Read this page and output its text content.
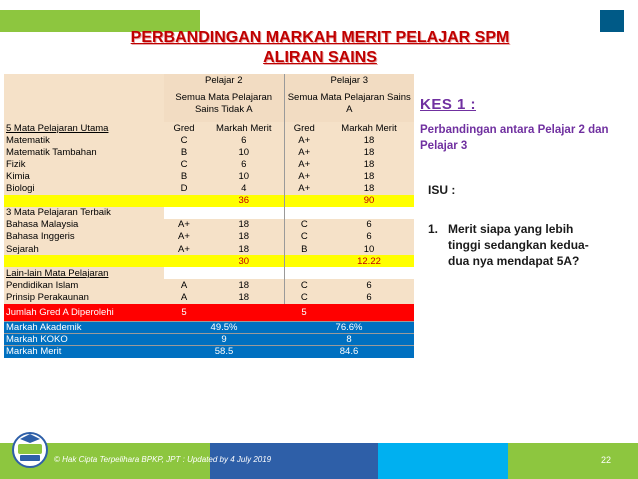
PERBANDINGAN MARKAH MERIT PELAJAR SPM
ALIRAN SAINS
	Pelajar 2		Pelajar 3	
	Semua Mata Pelajaran Sains Tidak A		Semua Mata Pelajaran Sains A	
5 Mata Pelajaran Utama	Gred	Markah Merit	Gred	Markah Merit
Matematik	C	6	A+	18
Matematik Tambahan	B	10	A+	18
Fizik	C	6	A+	18
Kimia	B	10	A+	18
Biologi	D	4	A+	18
		36		90
3 Mata Pelajaran Terbaik				
Bahasa Malaysia	A+	18	C	6
Bahasa Inggeris	A+	18	C	6
Sejarah	A+	18	B	10
		30		12.22
Lain-lain Mata Pelajaran				
Pendidikan Islam	A	18	C	6
Prinsip Perakaunan	A	18	C	6
Jumlah Gred A Diperolehi	5		5	
Markah Akademik	49.5%		76.6%	
Markah KOKO	9		8	
Markah Merit	58.5		84.6	
KES 1 :
Perbandingan antara Pelajar 2 dan Pelajar 3
ISU :
1. Merit siapa yang lebih tinggi sedangkan kedua-dua nya mendapat 5A?
© Hak Cipta Terpelihara BPKP, JPT : Updated by 4 July 2019	22
